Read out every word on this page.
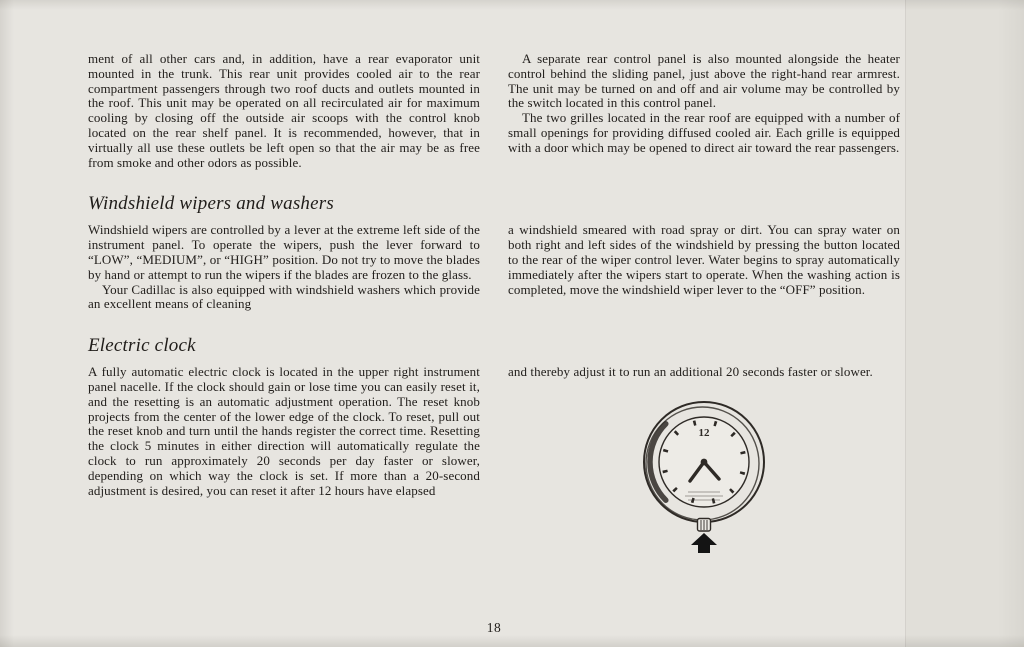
ment of all other cars and, in addition, have a rear evaporator unit mounted in the trunk. This rear unit provides cooled air to the rear compartment passengers through two roof ducts and outlets mounted in the roof. This unit may be operated on all recirculated air for maximum cooling by closing off the outside air scoops with the control knob located on the rear shelf panel. It is recommended, however, that in virtually all use these outlets be left open so that the air may be as free from smoke and other odors as possible.

A separate rear control panel is also mounted alongside the heater control behind the sliding panel, just above the right-hand rear armrest. The unit may be turned on and off and air volume may be controlled by the switch located in this control panel.

The two grilles located in the rear roof are equipped with a number of small openings for providing diffused cooled air. Each grille is equipped with a door which may be opened to direct air toward the rear passengers.

Windshield wipers and washers

Windshield wipers are controlled by a lever at the extreme left side of the instrument panel. To operate the wipers, push the lever forward to “LOW”, “MEDIUM”, or “HIGH” position. Do not try to move the blades by hand or attempt to run the wipers if the blades are frozen to the glass.

Your Cadillac is also equipped with windshield washers which provide an excellent means of cleaning

a windshield smeared with road spray or dirt. You can spray water on both right and left sides of the windshield by pressing the button located to the rear of the wiper control lever. Water begins to spray automatically immediately after the wipers start to operate. When the washing action is completed, move the windshield wiper lever to the “OFF” position.

Electric clock

A fully automatic electric clock is located in the upper right instrument panel nacelle. If the clock should gain or lose time you can easily reset it, and the resetting is an automatic adjustment operation. The reset knob projects from the center of the lower edge of the clock. To reset, pull out the reset knob and turn until the hands register the correct time. Resetting the clock 5 minutes in either direction will automatically regulate the clock to run approximately 20 seconds per day faster or slower, depending on which way the clock is set. If more than a 20-second adjustment is desired, you can reset it after 12 hours have elapsed

and thereby adjust it to run an additional 20 seconds faster or slower.

12
18
